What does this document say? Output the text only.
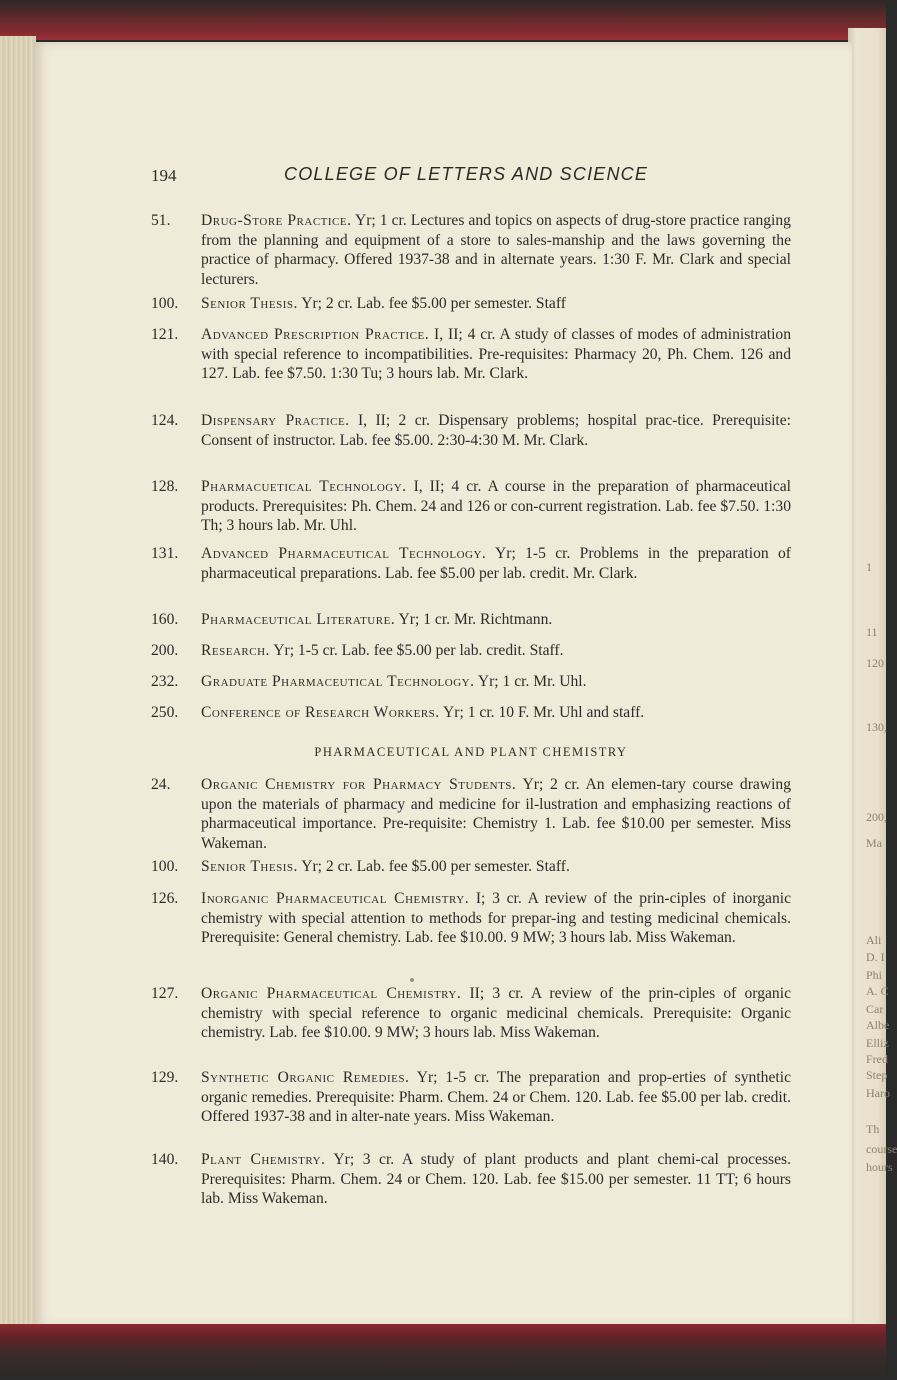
1
11
120
130,
200,
Ma
Ali
D. I
Phi
A. C
Car
Albe
Elliz
Fred
Step
Haro
Th
course
hours
194	COLLEGE OF LETTERS AND SCIENCE
51.	Drug-Store Practice. Yr; 1 cr. Lectures and topics on aspects of drug-store practice ranging from the planning and equipment of a store to sales-manship and the laws governing the practice of pharmacy. Offered 1937-38 and in alternate years. 1:30 F. Mr. Clark and special lecturers.
100.	Senior Thesis. Yr; 2 cr. Lab. fee $5.00 per semester. Staff
121.	Advanced Prescription Practice. I, II; 4 cr. A study of classes of modes of administration with special reference to incompatibilities. Pre-requisites: Pharmacy 20, Ph. Chem. 126 and 127. Lab. fee $7.50. 1:30 Tu; 3 hours lab. Mr. Clark.
124.	Dispensary Practice. I, II; 2 cr. Dispensary problems; hospital prac-tice. Prerequisite: Consent of instructor. Lab. fee $5.00. 2:30-4:30 M. Mr. Clark.
128.	Pharmacuetical Technology. I, II; 4 cr. A course in the preparation of pharmaceutical products. Prerequisites: Ph. Chem. 24 and 126 or con-current registration. Lab. fee $7.50. 1:30 Th; 3 hours lab. Mr. Uhl.
131.	Advanced Pharmaceutical Technology. Yr; 1-5 cr. Problems in the preparation of pharmaceutical preparations. Lab. fee $5.00 per lab. credit. Mr. Clark.
160.	Pharmaceutical Literature. Yr; 1 cr. Mr. Richtmann.
200.	Research. Yr; 1-5 cr. Lab. fee $5.00 per lab. credit. Staff.
232.	Graduate Pharmaceutical Technology. Yr; 1 cr. Mr. Uhl.
250.	Conference of Research Workers. Yr; 1 cr. 10 F. Mr. Uhl and staff.
PHARMACEUTICAL AND PLANT CHEMISTRY
24.	Organic Chemistry for Pharmacy Students. Yr; 2 cr. An elemen-tary course drawing upon the materials of pharmacy and medicine for il-lustration and emphasizing reactions of pharmaceutical importance. Pre-requisite: Chemistry 1. Lab. fee $10.00 per semester. Miss Wakeman.
100.	Senior Thesis. Yr; 2 cr. Lab. fee $5.00 per semester. Staff.
126.	Inorganic Pharmaceutical Chemistry. I; 3 cr. A review of the prin-ciples of inorganic chemistry with special attention to methods for prepar-ing and testing medicinal chemicals. Prerequisite: General chemistry. Lab. fee $10.00. 9 MW; 3 hours lab. Miss Wakeman.
127.	Organic Pharmaceutical Chemistry. II; 3 cr. A review of the prin-ciples of organic chemistry with special reference to organic medicinal chemicals. Prerequisite: Organic chemistry. Lab. fee $10.00. 9 MW; 3 hours lab. Miss Wakeman.
129.	Synthetic Organic Remedies. Yr; 1-5 cr. The preparation and prop-erties of synthetic organic remedies. Prerequisite: Pharm. Chem. 24 or Chem. 120. Lab. fee $5.00 per lab. credit. Offered 1937-38 and in alter-nate years. Miss Wakeman.
140.	Plant Chemistry. Yr; 3 cr. A study of plant products and plant chemi-cal processes. Prerequisites: Pharm. Chem. 24 or Chem. 120. Lab. fee $15.00 per semester. 11 TT; 6 hours lab. Miss Wakeman.
